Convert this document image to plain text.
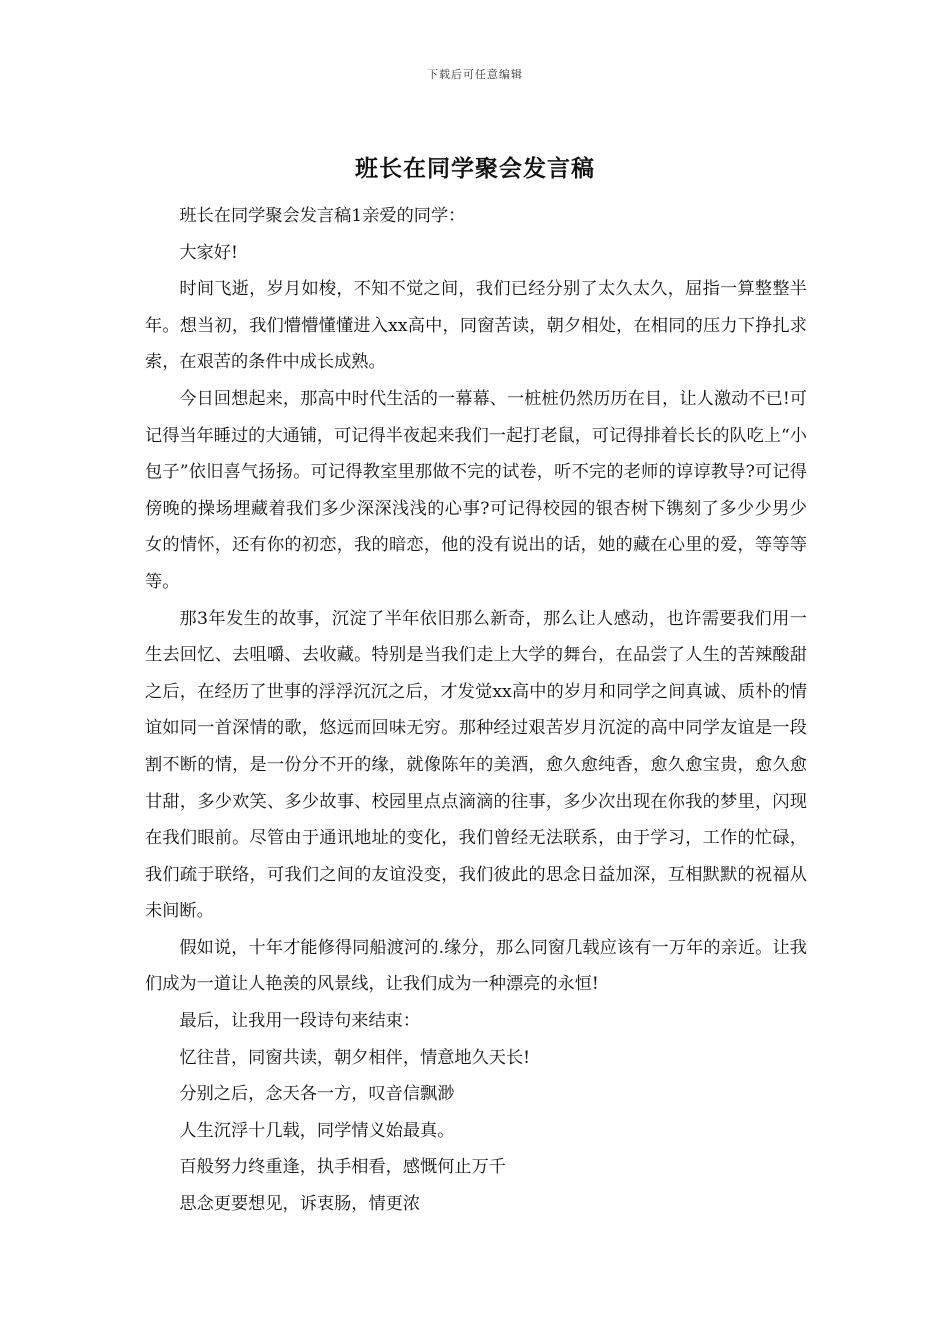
下载后可任意编辑
班长在同学聚会发言稿

班长在同学聚会发言稿1亲爱的同学：

大家好!

时间飞逝，岁月如梭，不知不觉之间，我们已经分别了太久太久，屈指一算整整半年。想当初，我们懵懵懂懂进入xx高中，同窗苦读，朝夕相处，在相同的压力下挣扎求索，在艰苦的条件中成长成熟。

今日回想起来，那高中时代生活的一幕幕、一桩桩仍然历历在目，让人激动不已!可记得当年睡过的大通铺，可记得半夜起来我们一起打老鼠，可记得排着长长的队吃上“小包子”依旧喜气扬扬。可记得教室里那做不完的试卷，听不完的老师的谆谆教导?可记得傍晚的操场埋藏着我们多少深深浅浅的心事?可记得校园的银杏树下镌刻了多少少男少女的情怀，还有你的初恋，我的暗恋，他的没有说出的话，她的藏在心里的爱，等等等等。

那3年发生的故事，沉淀了半年依旧那么新奇，那么让人感动，也许需要我们用一生去回忆、去咀嚼、去收藏。特别是当我们走上大学的舞台，在品尝了人生的苦辣酸甜之后，在经历了世事的浮浮沉沉之后，才发觉xx高中的岁月和同学之间真诚、质朴的情谊如同一首深情的歌，悠远而回味无穷。那种经过艰苦岁月沉淀的高中同学友谊是一段割不断的情，是一份分不开的缘，就像陈年的美酒，愈久愈纯香，愈久愈宝贵，愈久愈甘甜，多少欢笑、多少故事、校园里点点滴滴的往事，多少次出现在你我的梦里，闪现在我们眼前。尽管由于通讯地址的变化，我们曾经无法联系，由于学习，工作的忙碌，我们疏于联络，可我们之间的友谊没变，我们彼此的思念日益加深，互相默默的祝福从未间断。

假如说，十年才能修得同船渡河的.缘分，那么同窗几载应该有一万年的亲近。让我们成为一道让人艳羡的风景线，让我们成为一种漂亮的永恒!

最后，让我用一段诗句来结束：

忆往昔，同窗共读，朝夕相伴，情意地久天长!

分别之后，念天各一方，叹音信飘渺

人生沉浮十几载，同学情义始最真。

百般努力终重逢，执手相看，感慨何止万千

思念更要想见，诉衷肠，情更浓
